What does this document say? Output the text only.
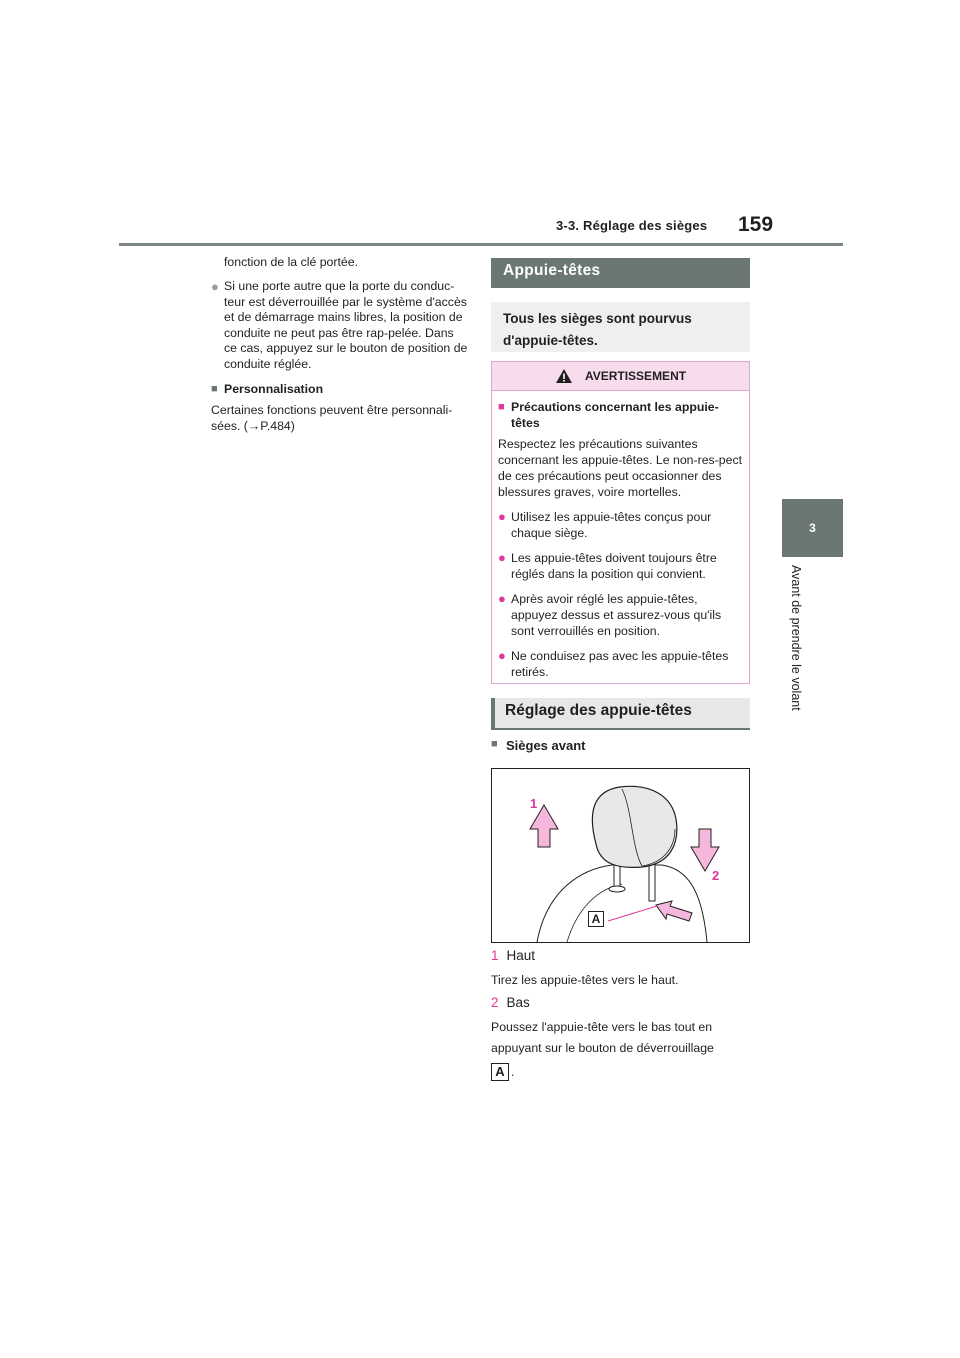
3-3. Réglage des sièges 159
3
Avant de prendre le volant
fonction de la clé portée.
● Si une porte autre que la porte du conduc-teur est déverrouillée par le système d'accès et de démarrage mains libres, la position de conduite ne peut pas être rap-pelée. Dans ce cas, appuyez sur le bouton de position de conduite réglée.
■ Personnalisation
Certaines fonctions peuvent être personnali-sées. (→P.484)
Appuie-têtes
Tous les sièges sont pourvus d'appuie-têtes.
AVERTISSEMENT
■ Précautions concernant les appuie-têtes
Respectez les précautions suivantes concernant les appuie-têtes. Le non-res-pect de ces précautions peut occasionner des blessures graves, voire mortelles.
● Utilisez les appuie-têtes conçus pour chaque siège.
● Les appuie-têtes doivent toujours être réglés dans la position qui convient.
● Après avoir réglé les appuie-têtes, appuyez dessus et assurez-vous qu'ils sont verrouillés en position.
● Ne conduisez pas avec les appuie-têtes retirés.
Réglage des appuie-têtes
■ Sièges avant
1
2
A
1 Haut
Tirez les appuie-têtes vers le haut.
2 Bas
Poussez l'appuie-tête vers le bas tout en
appuyant sur le bouton de déverrouillage
A .
